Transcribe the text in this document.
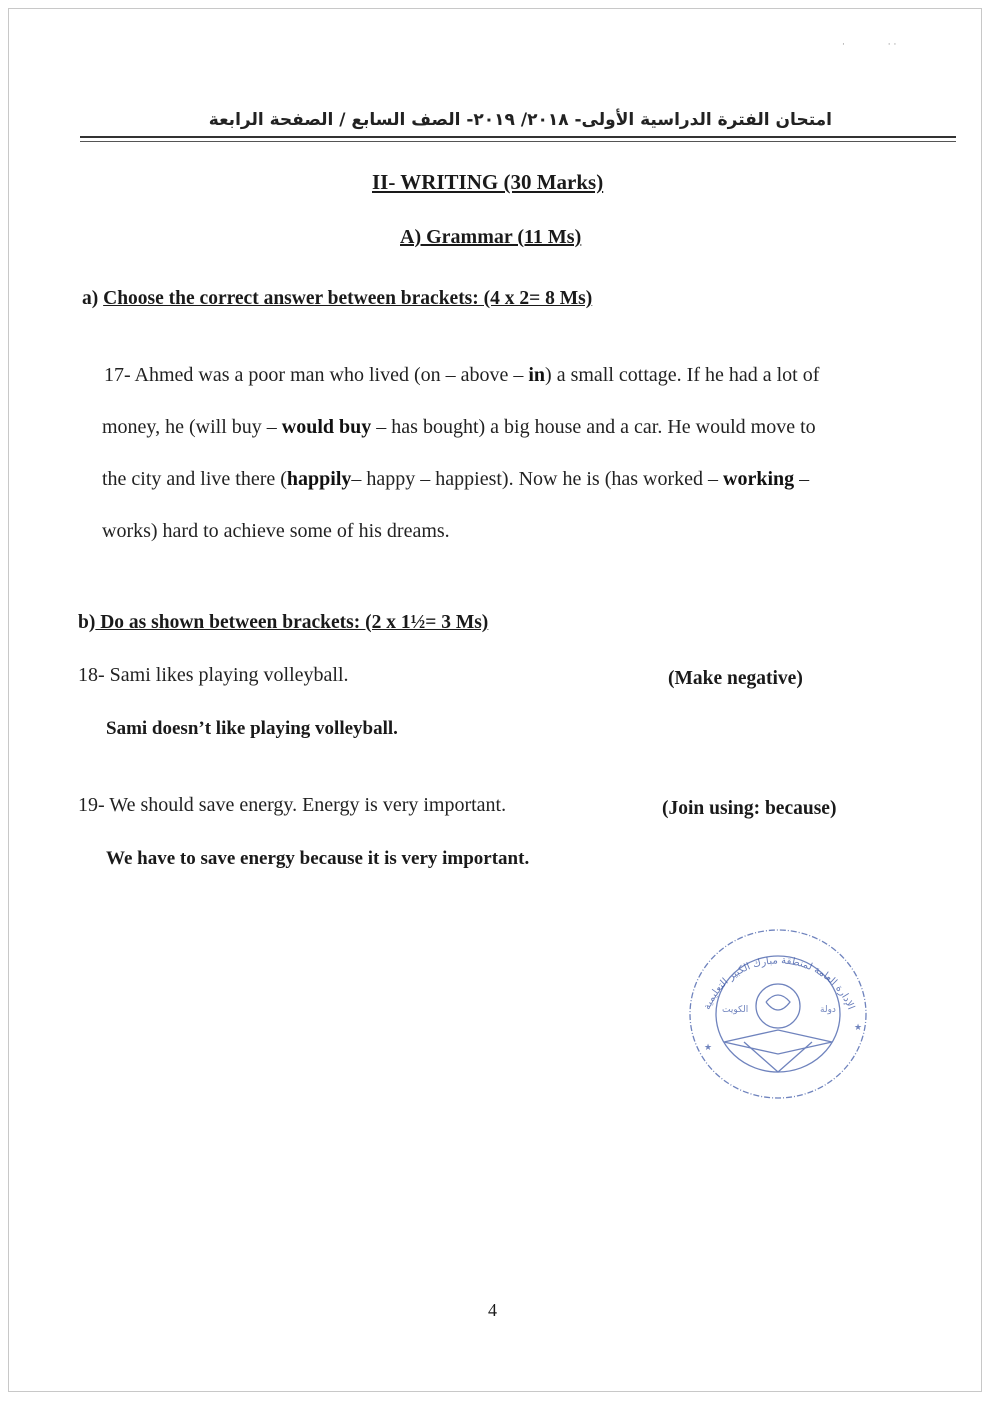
·               · ·
امتحان الفترة الدراسية الأولى- ٢٠١٨/ ٢٠١٩- الصف السابع / الصفحة الرابعة
II- WRITING (30 Marks)
A) Grammar (11 Ms)
a) Choose the correct answer between brackets: (4 x 2= 8 Ms)
17- Ahmed was a poor man who lived (on – above – in) a small cottage. If he had a lot of
money, he (will buy – would buy – has bought) a big house and a car. He would move to
the city and live there (happily– happy – happiest). Now he is (has worked – working –
works) hard to achieve some of his dreams.
b) Do as shown between brackets: (2 x 1½= 3 Ms)
18- Sami likes playing volleyball.	(Make negative)
Sami doesn’t like playing volleyball.
19- We should save energy. Energy is very important.	(Join using: because)
We have to save energy because it is very important.
★
★
الكويت	دولة
الإدارة العامة لمنطقة مبارك الكبير التعليمية
4
